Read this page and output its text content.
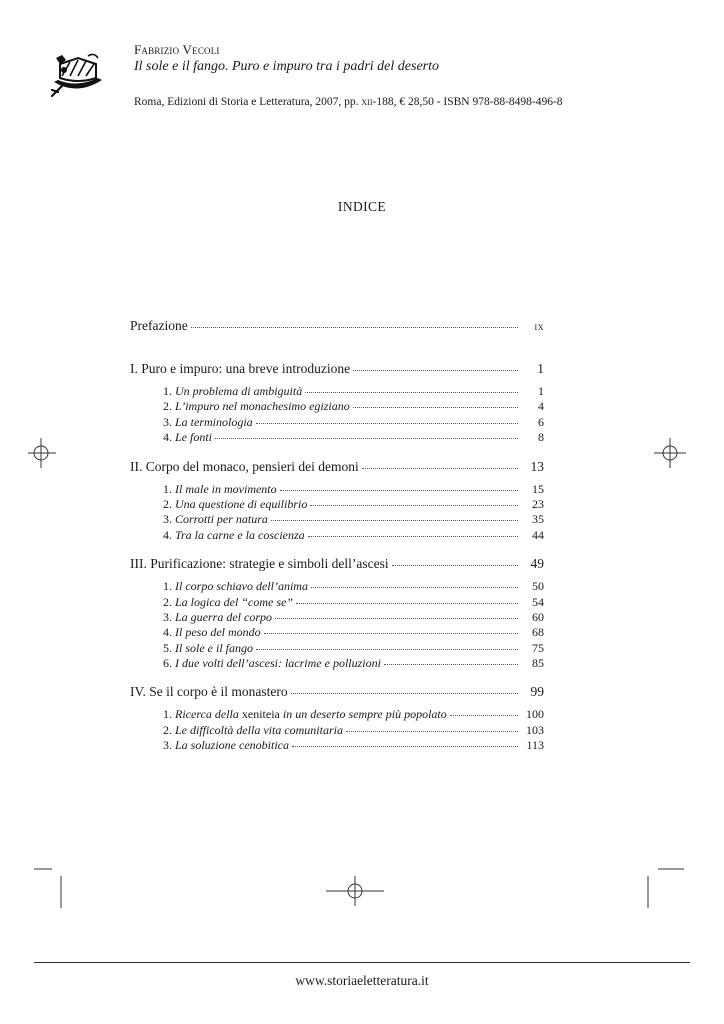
Fabrizio Vecoli
Il sole e il fango. Puro e impuro tra i padri del deserto
Roma, Edizioni di Storia e Letteratura, 2007, pp. xii-188, € 28,50 - ISBN 978-88-8498-496-8
INDICE
Prefazione	ix
I. Puro e impuro: una breve introduzione	1
1. Un problema di ambiguità	1
2. L’impuro nel monachesimo egiziano	4
3. La terminologia	6
4. Le fonti	8
II. Corpo del monaco, pensieri dei demoni	13
1. Il male in movimento	15
2. Una questione di equilibrio	23
3. Corrotti per natura	35
4. Tra la carne e la coscienza	44
III. Purificazione: strategie e simboli dell’ascesi	49
1. Il corpo schiavo dell’anima	50
2. La logica del “come se”	54
3. La guerra del corpo	60
4. Il peso del mondo	68
5. Il sole e il fango	75
6. I due volti dell’ascesi: lacrime e polluzioni	85
IV. Se il corpo è il monastero	99
1. Ricerca della
xeniteia
in un deserto sempre più popolato	100
2. Le difficoltà della vita comunitaria	103
3. La soluzione cenobitica	113
www.storiaeletteratura.it
